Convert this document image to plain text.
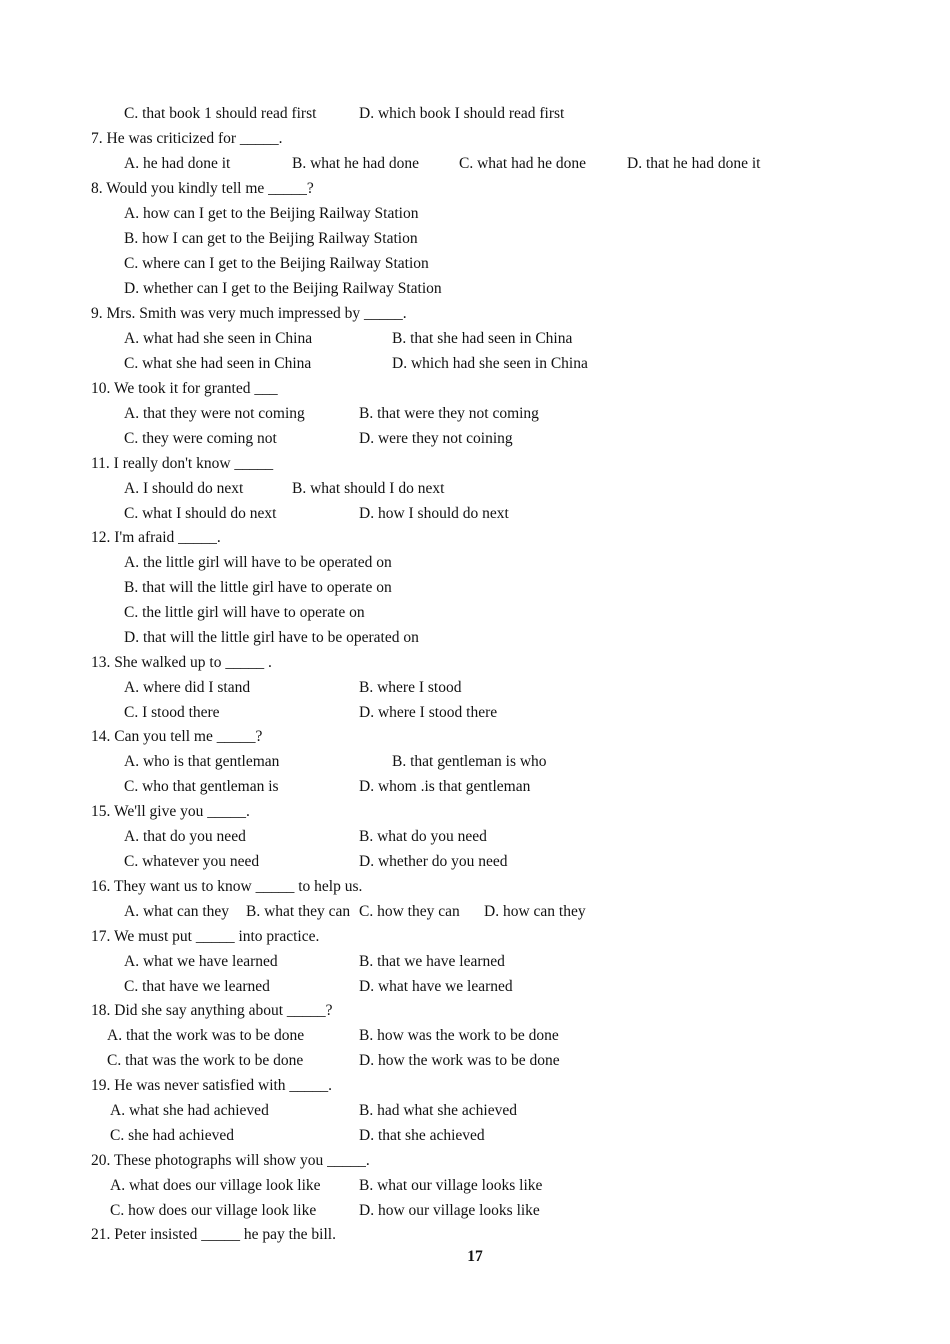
C. that book 1 should read first	D. which book I should read first
7. He was criticized for _____.
A. he had done it	B. what he had done	C. what had he done	D. that he had done it
8. Would you kindly tell me _____?
A. how can I get to the Beijing Railway Station
B. how I can get to the Beijing Railway Station
C. where can I get to the Beijing Railway Station
D. whether can I get to the Beijing Railway Station
9. Mrs. Smith was very much impressed by _____.
A. what had she seen in China	B. that she had seen in China
C. what she had seen in China	D. which had she seen in China
10. We took it for granted ___
A. that they were not coming	B. that were they not coming
C. they were coming not	D. were they not coining
11. I really don't know _____
A. I should do next	B. what should I do next
C. what I should do next	D. how I should do next
12. I'm afraid _____.
A. the little girl will have to be operated on
B. that will the little girl have to operate on
C. the little girl will have to operate on
D. that will the little girl have to be operated on
13. She walked up to _____ .
A. where did I stand	B. where I stood
C. I stood there	D. where I stood there
14. Can you tell me _____?
A. who is that gentleman	B. that gentleman is who
C. who that gentleman is	D. whom .is that gentleman
15. We'll give you _____.
A. that do you need	B. what do you need
C. whatever you need	D. whether do you need
16. They want us to know _____ to help us.
A. what can they B. what they can C. how they can D. how can they
17. We must put _____ into practice.
A. what we have learned	B. that we have learned
C. that have we learned	D. what have we learned
18. Did she say anything about _____?
A. that the work was to be done	B. how was the work to be done
C. that was the work to be done	D. how the work was to be done
19. He was never satisfied with _____.
A. what she had achieved	B. had what she achieved
C. she had achieved	D. that she achieved
20. These photographs will show you _____.
A. what does our village look like B. what our village looks like
C. how does our village look like	D. how our village looks like
21. Peter insisted _____ he pay the bill.
17
